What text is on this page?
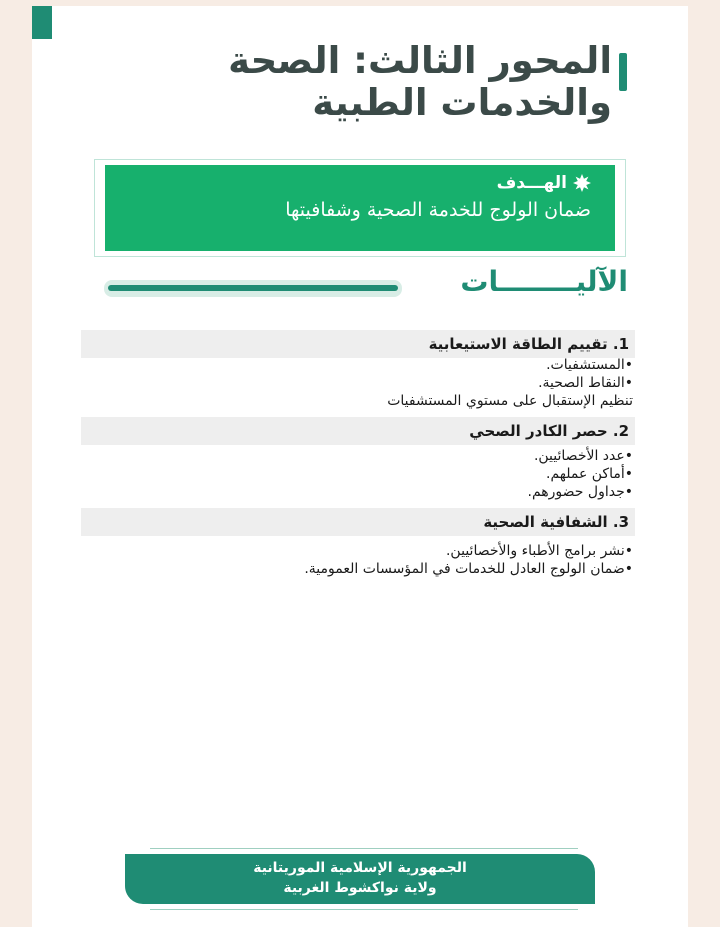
المحور الثالث: الصحة
والخدمات الطبية
الهـــدف
ضمان الولوج للخدمة الصحية وشفافيتها
الآليــــــــات
1. تقييم الطاقة الاستيعابية
•المستشفيات.
•النقاط الصحية.
تنظيم الإستقبال على مستوي المستشفيات
2. حصر الكادر الصحي
•عدد الأخصائيين.
•أماكن عملهم.
•جداول حضورهم.
3. الشفافية الصحية
•نشر برامج الأطباء والأخصائيين.
•ضمان الولوج العادل للخدمات في المؤسسات العمومية.
الجمهورية الإسلامية الموريتانية
ولاية نواكشوط الغربية
